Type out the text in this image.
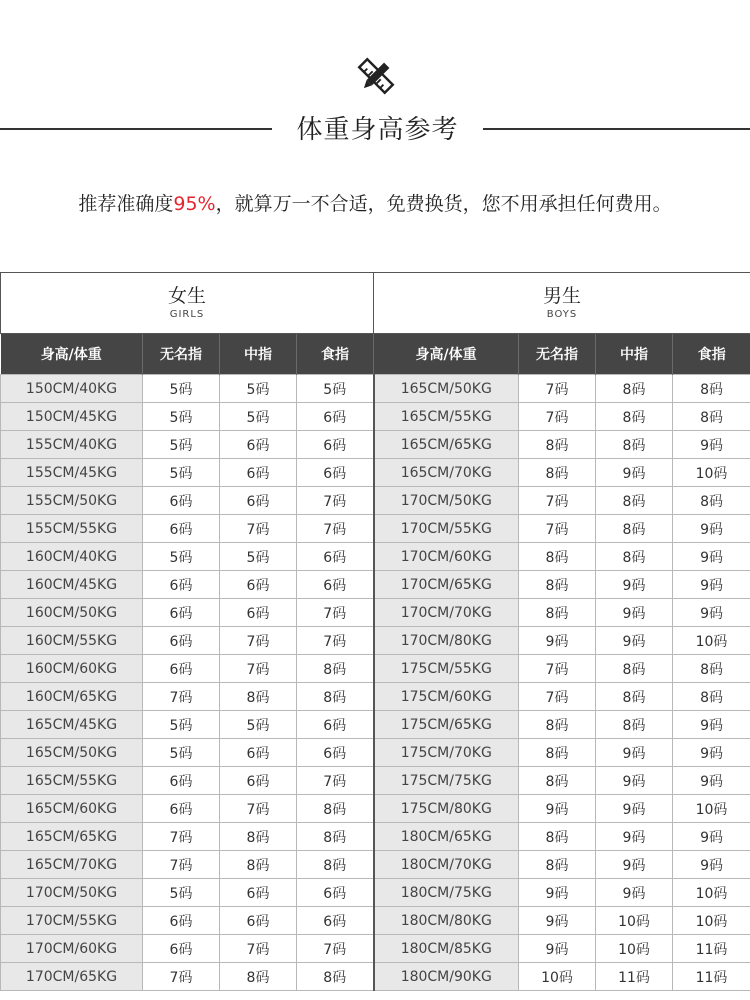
体重身高参考
推荐准确度95%，就算万一不合适，免费换货，您不用承担任何费用。
女生
GIRLS				男生
BOYS			

身高/体重	无名指	中指	食指	身高/体重	无名指	中指	食指
150CM/40KG	5码	5码	5码	165CM/50KG	7码	8码	8码
150CM/45KG	5码	5码	6码	165CM/55KG	7码	8码	8码
155CM/40KG	5码	6码	6码	165CM/65KG	8码	8码	9码
155CM/45KG	5码	6码	6码	165CM/70KG	8码	9码	10码
155CM/50KG	6码	6码	7码	170CM/50KG	7码	8码	8码
155CM/55KG	6码	7码	7码	170CM/55KG	7码	8码	9码
160CM/40KG	5码	5码	6码	170CM/60KG	8码	8码	9码
160CM/45KG	6码	6码	6码	170CM/65KG	8码	9码	9码
160CM/50KG	6码	6码	7码	170CM/70KG	8码	9码	9码
160CM/55KG	6码	7码	7码	170CM/80KG	9码	9码	10码
160CM/60KG	6码	7码	8码	175CM/55KG	7码	8码	8码
160CM/65KG	7码	8码	8码	175CM/60KG	7码	8码	8码
165CM/45KG	5码	5码	6码	175CM/65KG	8码	8码	9码
165CM/50KG	5码	6码	6码	175CM/70KG	8码	9码	9码
165CM/55KG	6码	6码	7码	175CM/75KG	8码	9码	9码
165CM/60KG	6码	7码	8码	175CM/80KG	9码	9码	10码
165CM/65KG	7码	8码	8码	180CM/65KG	8码	9码	9码
165CM/70KG	7码	8码	8码	180CM/70KG	8码	9码	9码
170CM/50KG	5码	6码	6码	180CM/75KG	9码	9码	10码
170CM/55KG	6码	6码	6码	180CM/80KG	9码	10码	10码
170CM/60KG	6码	7码	7码	180CM/85KG	9码	10码	11码
170CM/65KG	7码	8码	8码	180CM/90KG	10码	11码	11码
